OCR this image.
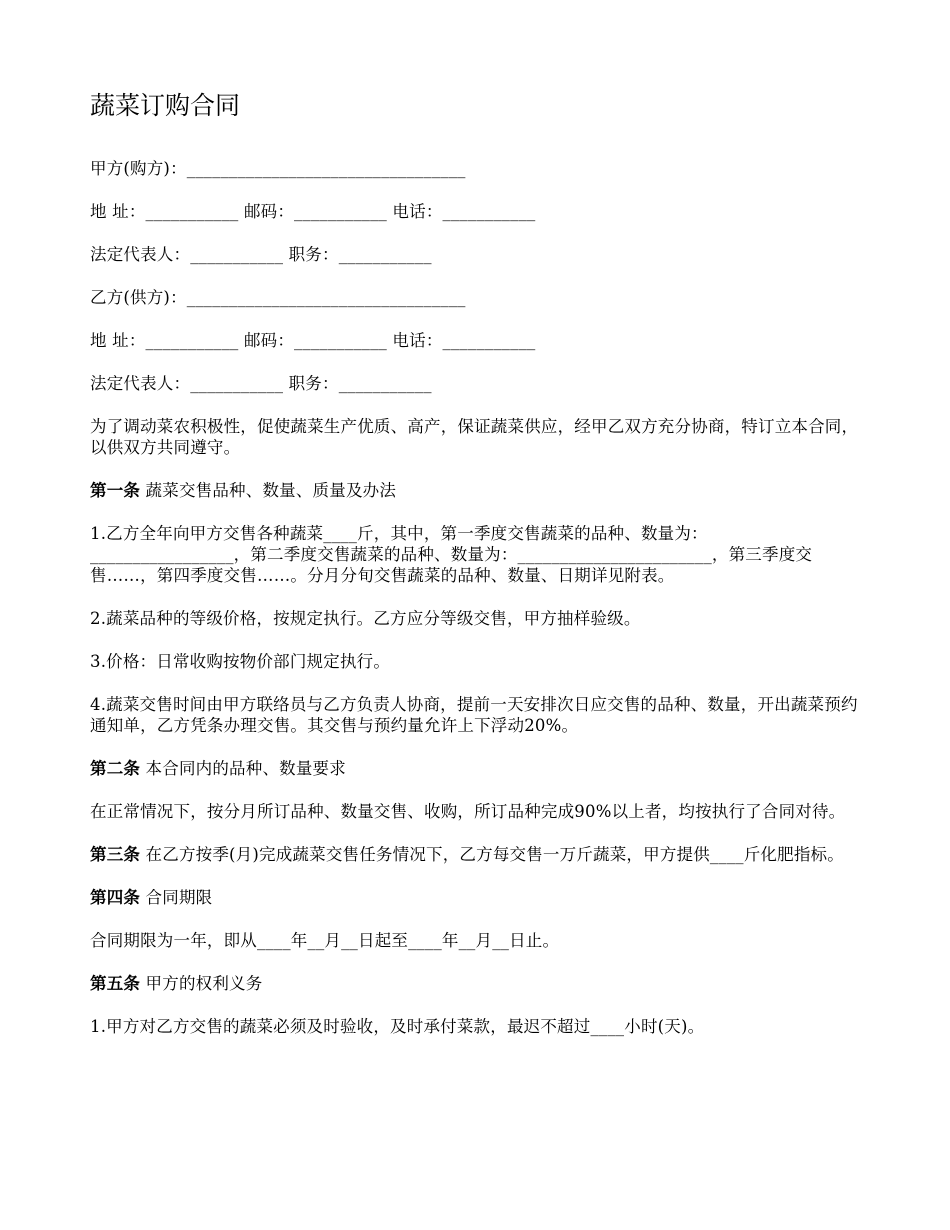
蔬菜订购合同

甲方(购方)：_________________________________

地 址：___________ 邮码：___________ 电话：___________

法定代表人：___________ 职务：___________

乙方(供方)：_________________________________

地 址：___________ 邮码：___________ 电话：___________

法定代表人：___________ 职务：___________

为了调动菜农积极性，促使蔬菜生产优质、高产，保证蔬菜供应，经甲乙双方充分协商，特订立本合同，以供双方共同遵守。

第一条 蔬菜交售品种、数量、质量及办法

1.乙方全年向甲方交售各种蔬菜____斤，其中，第一季度交售蔬菜的品种、数量为：_________________，第二季度交售蔬菜的品种、数量为：_______________________，第三季度交售……，第四季度交售……。分月分旬交售蔬菜的品种、数量、日期详见附表。

2.蔬菜品种的等级价格，按规定执行。乙方应分等级交售，甲方抽样验级。

3.价格：日常收购按物价部门规定执行。

4.蔬菜交售时间由甲方联络员与乙方负责人协商，提前一天安排次日应交售的品种、数量，开出蔬菜预约通知单，乙方凭条办理交售。其交售与预约量允许上下浮动20%。

第二条 本合同内的品种、数量要求

在正常情况下，按分月所订品种、数量交售、收购，所订品种完成90%以上者，均按执行了合同对待。

第三条 在乙方按季(月)完成蔬菜交售任务情况下，乙方每交售一万斤蔬菜，甲方提供____斤化肥指标。

第四条 合同期限

合同期限为一年，即从____年__月__日起至____年__月__日止。

第五条 甲方的权利义务

1.甲方对乙方交售的蔬菜必须及时验收，及时承付菜款，最迟不超过____小时(天)。
